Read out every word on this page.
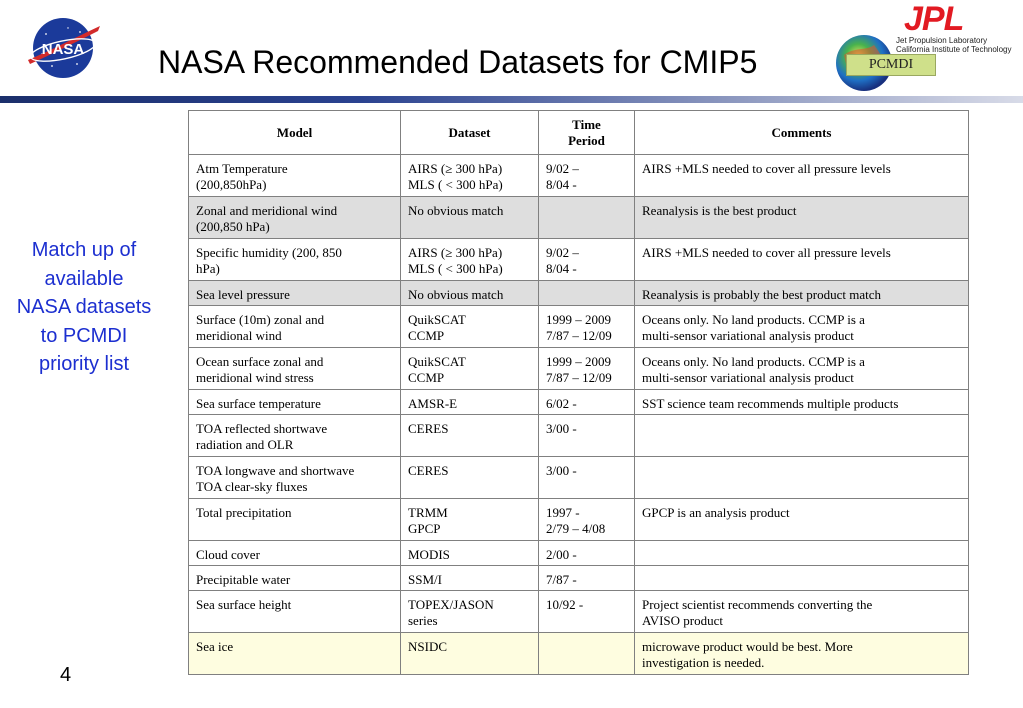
NASA NASA Recommended Datasets for CMIP5
JPL
Jet Propulsion Laboratory
California Institute of Technology
PCMDI
Match up of available NASA datasets to PCMDI priority list
4
Model	Dataset	Time Period	Comments

Atm Temperature
(200,850hPa)	AIRS (≥ 300 hPa)
MLS ( < 300 hPa)	9/02 –
8/04 -	AIRS +MLS needed to cover all pressure levels

Zonal and meridional wind
(200,850 hPa)	No obvious match		Reanalysis is the best product

Specific humidity (200, 850
hPa)	AIRS (≥ 300 hPa)
MLS ( < 300 hPa)	9/02 –
8/04 -	AIRS +MLS needed to cover all pressure levels

Sea level pressure	No obvious match		Reanalysis is probably the best product match

Surface (10m) zonal and
meridional wind	QuikSCAT
CCMP	1999 – 2009
7/87 – 12/09	Oceans only. No land products. CCMP is a
multi-sensor variational analysis product

Ocean surface zonal and
meridional wind stress	QuikSCAT
CCMP	1999 – 2009
7/87 – 12/09	Oceans only. No land products. CCMP is a
multi-sensor variational analysis product

Sea surface temperature	AMSR-E	6/02 -	SST science team recommends multiple products

TOA reflected shortwave
radiation and OLR	CERES	3/00 -	

TOA longwave and shortwave
TOA clear-sky fluxes	CERES	3/00 -	

Total precipitation	TRMM
GPCP	1997 -
2/79 – 4/08	GPCP is an analysis product

Cloud cover	MODIS	2/00 -	

Precipitable water	SSM/I	7/87 -	

Sea surface height	TOPEX/JASON
series	10/92 -	Project scientist recommends converting the
AVISO product

Sea ice	NSIDC		microwave product would be best. More
investigation is needed.
